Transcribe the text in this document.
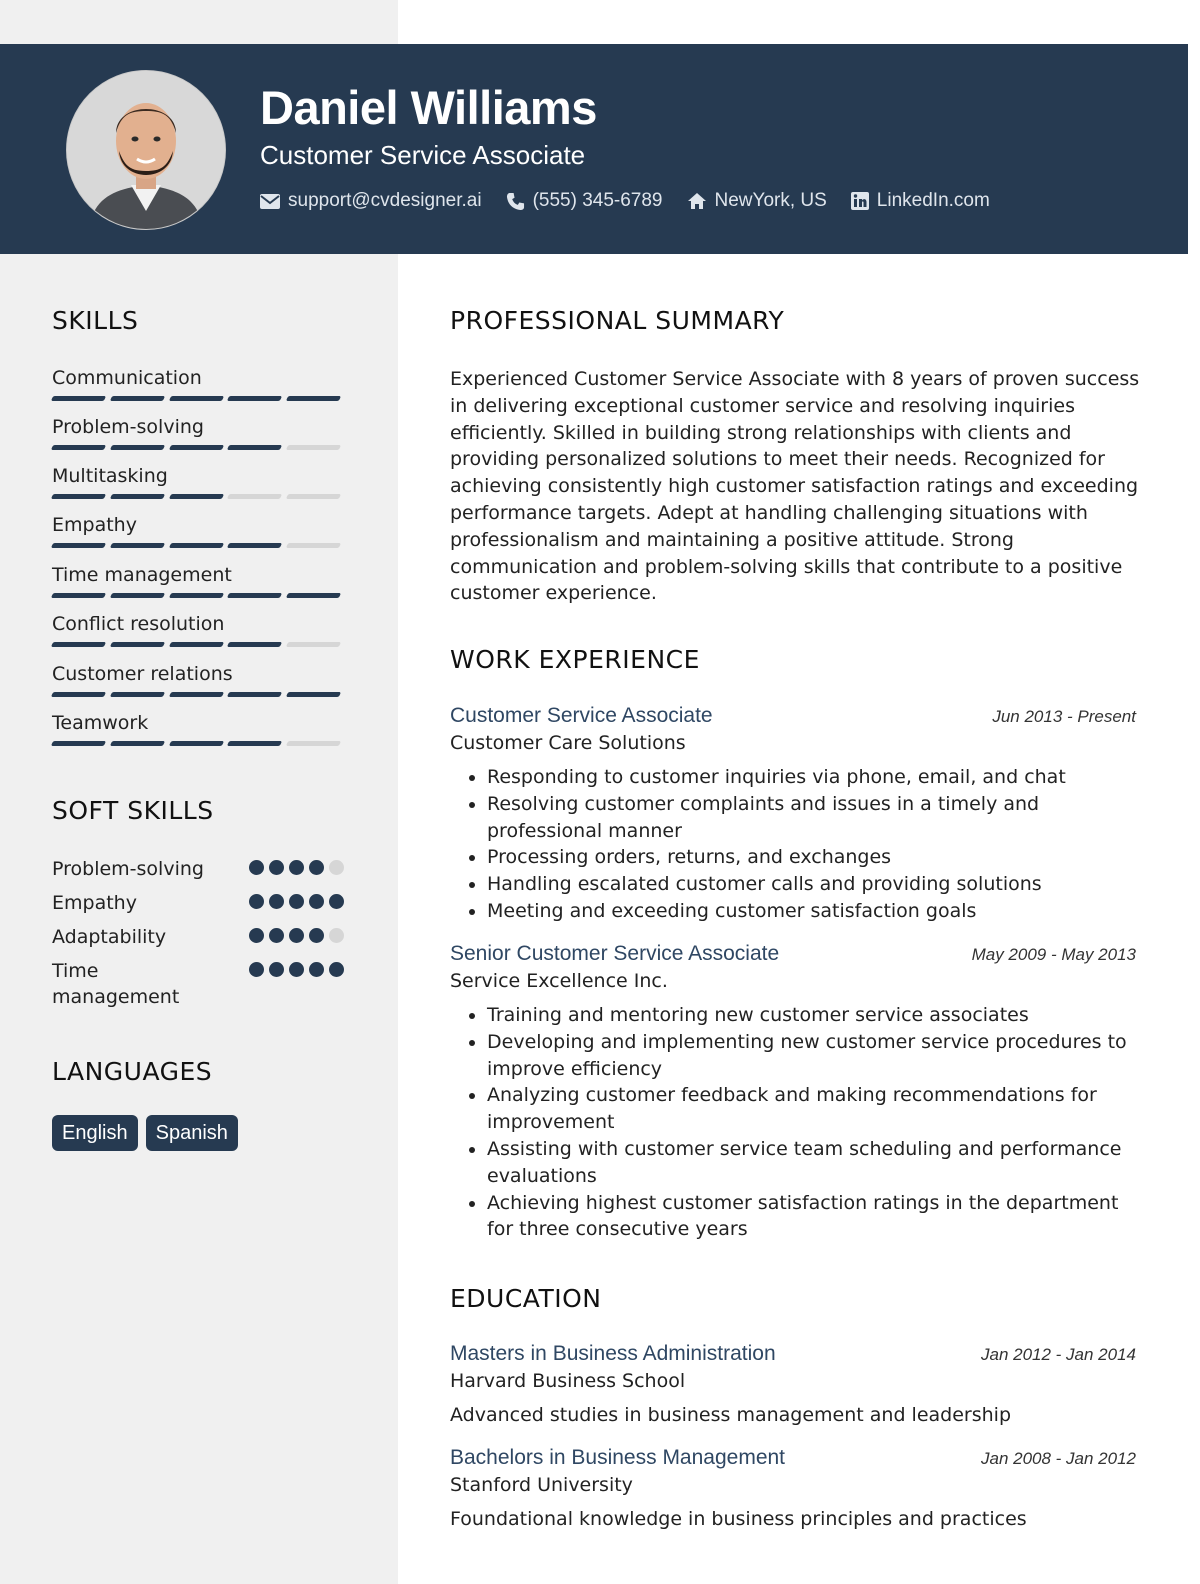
Daniel Williams
Customer Service Associate
support@cvdesigner.ai	(555) 345-6789	NewYork, US	LinkedIn.com
SKILLS
Communication
Problem-solving
Multitasking
Empathy
Time management
Conflict resolution
Customer relations
Teamwork
SOFT SKILLS
Problem-solving
Empathy
Adaptability
Time management
LANGUAGES
English	Spanish
PROFESSIONAL SUMMARY

Experienced Customer Service Associate with 8 years of proven success in delivering exceptional customer service and resolving inquiries efficiently. Skilled in building strong relationships with clients and providing personalized solutions to meet their needs. Recognized for achieving consistently high customer satisfaction ratings and exceeding performance targets. Adept at handling challenging situations with professionalism and maintaining a positive attitude. Strong communication and problem-solving skills that contribute to a positive customer experience.

WORK EXPERIENCE
Customer Service Associate	Jun 2013 - Present
Customer Care Solutions
• Responding to customer inquiries via phone, email, and chat
• Resolving customer complaints and issues in a timely and professional manner
• Processing orders, returns, and exchanges
• Handling escalated customer calls and providing solutions
• Meeting and exceeding customer satisfaction goals
Senior Customer Service Associate	May 2009 - May 2013
Service Excellence Inc.
• Training and mentoring new customer service associates
• Developing and implementing new customer service procedures to improve efficiency
• Analyzing customer feedback and making recommendations for improvement
• Assisting with customer service team scheduling and performance evaluations
• Achieving highest customer satisfaction ratings in the department for three consecutive years
EDUCATION
Masters in Business Administration	Jan 2012 - Jan 2014
Harvard Business School
Advanced studies in business management and leadership
Bachelors in Business Management	Jan 2008 - Jan 2012
Stanford University
Foundational knowledge in business principles and practices
